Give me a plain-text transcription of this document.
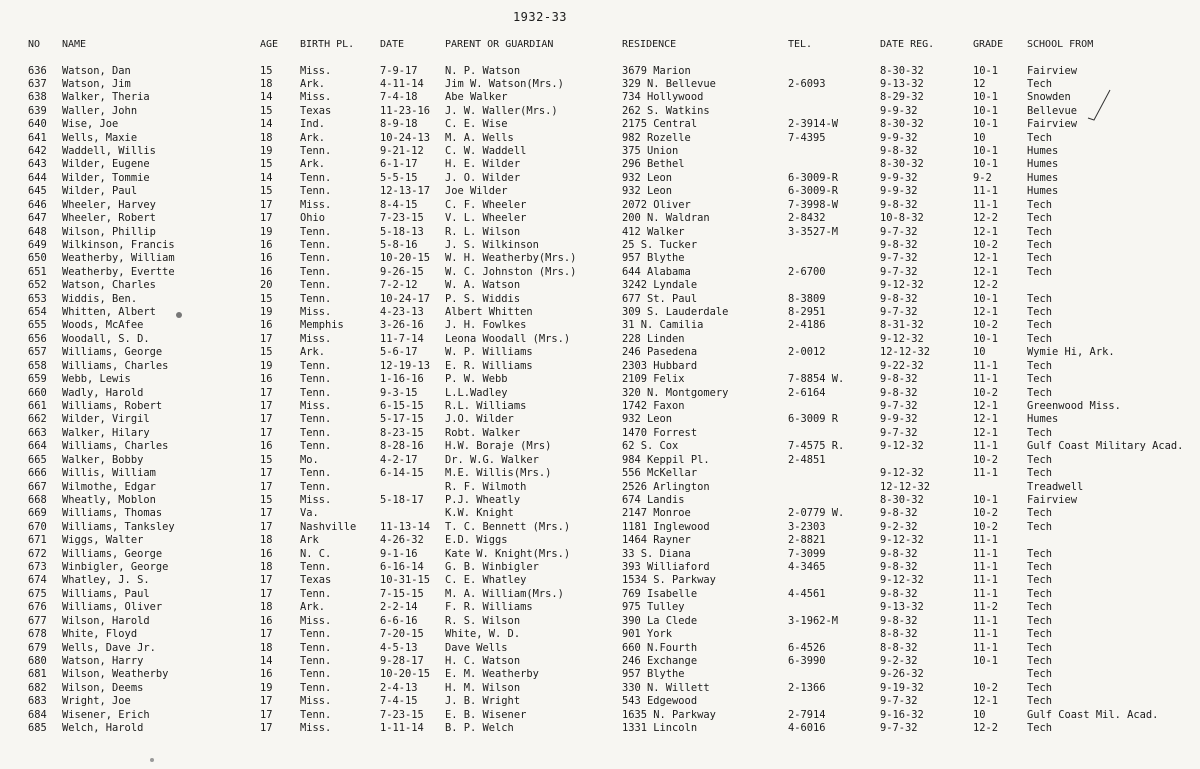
1932-33
NO NAME	AGE BIRTH PL.	DATE	PARENT OR GUARDIAN	RESIDENCE	TEL.	DATE REG.	GRADE SCHOOL FROM
636 Watson, Dan	15	Miss.	7-9-17	N. P. Watson	3679 Marion	8-30-32	10-1	Fairview
637 Watson, Jim	18	Ark.	4-11-14 Jim W. Watson(Mrs.)	329 N. Bellevue	2-6093	9-13-32	12	Tech
638 Walker, Theria	14	Miss.	7-4-18	Abe Walker	734 Hollywood	8-29-32	10-1	Snowden
639 Waller, John	15	Texas	11-23-16 J. W. Waller(Mrs.)	262 S. Watkins	9-9-32	10-1	Bellevue
640 Wise, Joe	14	Ind.	8-9-18	C. E. Wise	2175 Central	2-3914-W	8-30-32	10-1	Fairview
641 Wells, Maxie	18	Ark.	10-24-13 M. A. Wells	982 Rozelle	7-4395	9-9-32	10	Tech
642 Waddell, Willis	19	Tenn.	9-21-12 C. W. Waddell	375 Union	9-8-32	10-1	Humes
643 Wilder, Eugene	15	Ark.	6-1-17	H. E. Wilder	296 Bethel	8-30-32	10-1	Humes
644 Wilder, Tommie	14	Tenn.	5-5-15	J. O. Wilder	932 Leon	6-3009-R	9-9-32	9-2	Humes
645 Wilder, Paul	15	Tenn.	12-13-17 Joe Wilder	932 Leon	6-3009-R	9-9-32	11-1	Humes
646 Wheeler, Harvey	17	Miss.	8-4-15	C. F. Wheeler	2072 Oliver	7-3998-W	9-8-32	11-1	Tech
647 Wheeler, Robert	17	Ohio	7-23-15 V. L. Wheeler	200 N. Waldran	2-8432	10-8-32	12-2	Tech
648 Wilson, Phillip	19	Tenn.	5-18-13 R. L. Wilson	412 Walker	3-3527-M	9-7-32	12-1	Tech
649 Wilkinson, Francis	16	Tenn.	5-8-16	J. S. Wilkinson	25 S. Tucker	9-8-32	10-2	Tech
650 Weatherby, William	16	Tenn.	10-20-15 W. H. Weatherby(Mrs.)	957 Blythe	9-7-32	12-1	Tech
651 Weatherby, Evertte	16	Tenn.	9-26-15 W. C. Johnston (Mrs.)	644 Alabama	2-6700	9-7-32	12-1	Tech
652 Watson, Charles	20	Tenn.	7-2-12	W. A. Watson	3242 Lyndale	9-12-32	12-2
653 Widdis, Ben.	15	Tenn.	10-24-17 P. S. Widdis	677 St. Paul	8-3809	9-8-32	10-1	Tech
654 Whitten, Albert	19	Miss.	4-23-13 Albert Whitten	309 S. Lauderdale	8-2951	9-7-32	12-1	Tech
655 Woods, McAfee	16	Memphis	3-26-16 J. H. Fowlkes	31 N. Camilia	2-4186	8-31-32	10-2	Tech
656 Woodall, S. D.	17	Miss.	11-7-14 Leona Woodall (Mrs.)	228 Linden	9-12-32	10-1	Tech
657 Williams, George	15	Ark.	5-6-17	W. P. Williams	246 Pasedena	2-0012	12-12-32	10	Wymie Hi, Ark.
658 Williams, Charles	19	Tenn.	12-19-13 E. R. Williams	2303 Hubbard	9-22-32	11-1	Tech
659 Webb, Lewis	16	Tenn.	1-16-16 P. W. Webb	2109 Felix	7-8854 W.	9-8-32	11-1	Tech
660 Wadly, Harold	17	Tenn.	9-3-15	L.L.Wadley	320 N. Montgomery	2-6164	9-8-32	10-2	Tech
661 Williams, Robert	17	Miss.	6-15-15 R.L. Williams	1742 Faxon	9-7-32	12-1	Greenwood Miss.
662 Wilder, Virgil	17	Tenn.	5-17-15 J.O. Wilder	932 Leon	6-3009 R	9-9-32	12-1	Humes
663 Walker, Hilary	17	Tenn.	8-23-15 Robt. Walker	1470 Forrest	9-7-32	12-1	Tech
664 Williams, Charles	16	Tenn.	8-28-16 H.W. Boraje (Mrs)	62 S. Cox	7-4575 R.	9-12-32	11-1	Gulf Coast Military Acad.
665 Walker, Bobby	15	Mo.	4-2-17	Dr. W.G. Walker	984 Keppil Pl.	2-4851	10-2	Tech
666 Willis, William	17	Tenn.	6-14-15 M.E. Willis(Mrs.)	556 McKellar	9-12-32	11-1	Tech
667 Wilmothe, Edgar	17	Tenn.	R. F. Wilmoth	2526 Arlington	12-12-32	Treadwell
668 Wheatly, Moblon	15	Miss.	5-18-17 P.J. Wheatly	674 Landis	8-30-32	10-1	Fairview
669 Williams, Thomas	17	Va.	K.W. Knight	2147 Monroe	2-0779 W.	9-8-32	10-2	Tech
670 Williams, Tanksley	17	Nashville 11-13-14 T. C. Bennett (Mrs.)	1181 Inglewood	3-2303	9-2-32	10-2	Tech
671 Wiggs, Walter	18	Ark	4-26-32 E.D. Wiggs	1464 Rayner	2-8821	9-12-32	11-1
672 Williams, George	16	N. C.	9-1-16	Kate W. Knight(Mrs.)	33 S. Diana	7-3099	9-8-32	11-1	Tech
673 Winbigler, George	18	Tenn.	6-16-14 G. B. Winbigler	393 Williaford	4-3465	9-8-32	11-1	Tech
674 Whatley, J. S.	17	Texas	10-31-15 C. E. Whatley	1534 S. Parkway	9-12-32	11-1	Tech
675 Williams, Paul	17	Tenn.	7-15-15 M. A. William(Mrs.)	769 Isabelle	4-4561	9-8-32	11-1	Tech
676 Williams, Oliver	18	Ark.	2-2-14	F. R. Williams	975 Tulley	9-13-32	11-2	Tech
677 Wilson, Harold	16	Miss.	6-6-16	R. S. Wilson	390 La Clede	3-1962-M	9-8-32	11-1	Tech
678 White, Floyd	17	Tenn.	7-20-15 White, W. D.	901 York	8-8-32	11-1	Tech
679 Wells, Dave Jr.	18	Tenn.	4-5-13	Dave Wells	660 N.Fourth	6-4526	8-8-32	11-1	Tech
680 Watson, Harry	14	Tenn.	9-28-17 H. C. Watson	246 Exchange	6-3990	9-2-32	10-1	Tech
681 Wilson, Weatherby	16	Tenn.	10-20-15 E. M. Weatherby	957 Blythe	9-26-32	Tech
682 Wilson, Deems	19	Tenn.	2-4-13	H. M. Wilson	330 N. Willett	2-1366	9-19-32	10-2	Tech
683 Wright, Joe	17	Miss.	7-4-15	J. B. Wright	543 Edgewood	9-7-32	12-1	Tech
684 Wisener, Erich	17	Tenn.	7-23-15 E. B. Wisener	1635 N. Parkway	2-7914	9-16-32	10	Gulf Coast Mil. Acad.
685 Welch, Harold	17	Miss.	1-11-14 B. P. Welch	1331 Lincoln	4-6016	9-7-32	12-2	Tech
